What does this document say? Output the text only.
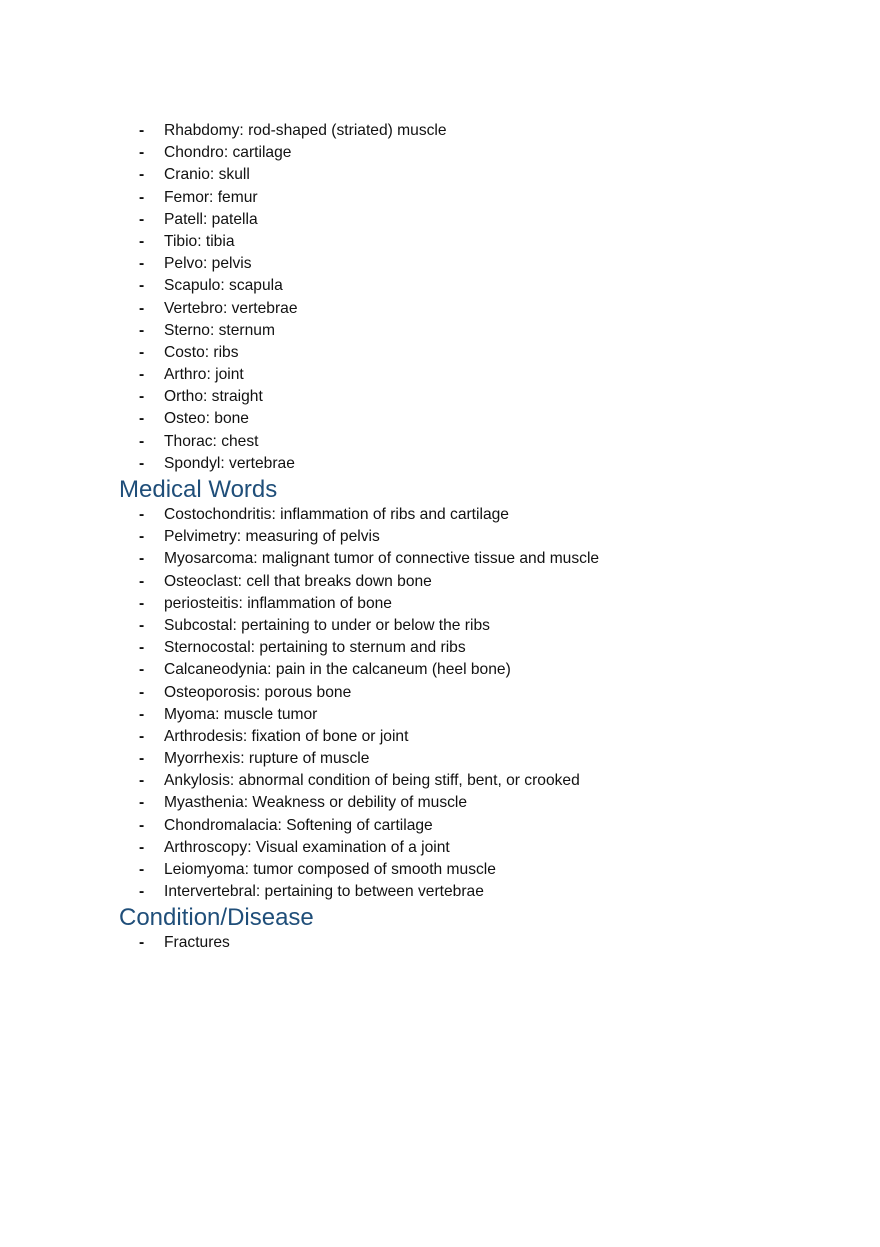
- Rhabdomy: rod-shaped (striated) muscle
- Chondro: cartilage
- Cranio: skull
- Femor: femur
- Patell: patella
- Tibio: tibia
- Pelvo: pelvis
- Scapulo: scapula
- Vertebro: vertebrae
- Sterno: sternum
- Costo: ribs
- Arthro: joint
- Ortho: straight
- Osteo: bone
- Thorac: chest
- Spondyl: vertebrae
Medical Words
- Costochondritis: inflammation of ribs and cartilage
- Pelvimetry: measuring of pelvis
- Myosarcoma: malignant tumor of connective tissue and muscle
- Osteoclast: cell that breaks down bone
- periosteitis: inflammation of bone
- Subcostal: pertaining to under or below the ribs
- Sternocostal: pertaining to sternum and ribs
- Calcaneodynia: pain in the calcaneum (heel bone)
- Osteoporosis: porous bone
- Myoma: muscle tumor
- Arthrodesis: fixation of bone or joint
- Myorrhexis: rupture of muscle
- Ankylosis: abnormal condition of being stiff, bent, or crooked
- Myasthenia: Weakness or debility of muscle
- Chondromalacia: Softening of cartilage
- Arthroscopy: Visual examination of a joint
- Leiomyoma: tumor composed of smooth muscle
- Intervertebral: pertaining to between vertebrae
Condition/Disease
- Fractures
